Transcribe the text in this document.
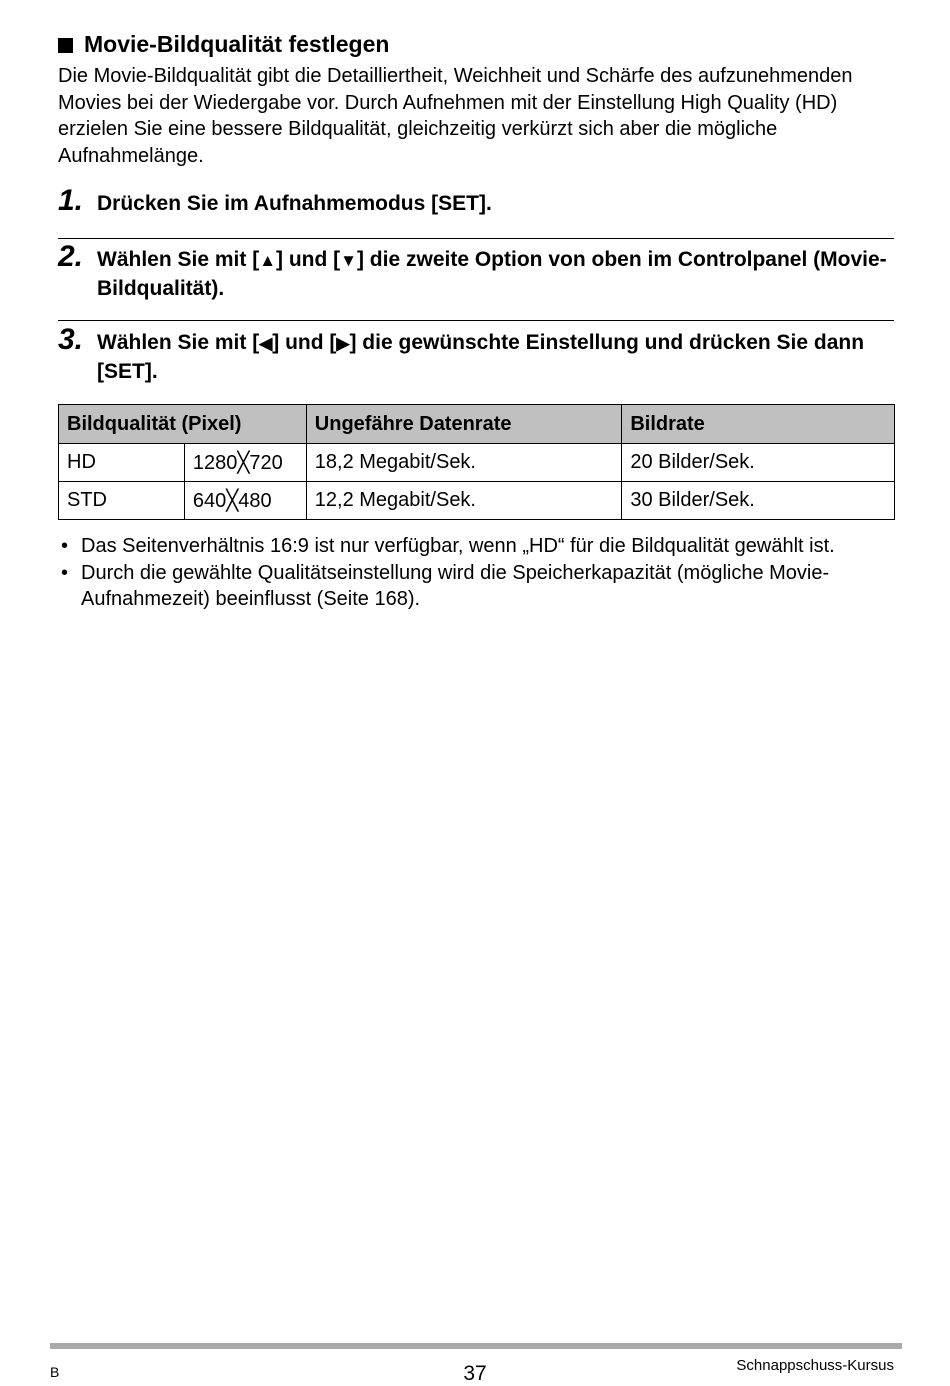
Movie-Bildqualität festlegen
Die Movie-Bildqualität gibt die Detailliertheit, Weichheit und Schärfe des aufzunehmenden Movies bei der Wiedergabe vor. Durch Aufnehmen mit der Einstellung High Quality (HD) erzielen Sie eine bessere Bildqualität, gleichzeitig verkürzt sich aber die mögliche Aufnahmelänge.
1. Drücken Sie im Aufnahmemodus [SET].
2. Wählen Sie mit [▲] und [▼] die zweite Option von oben im Controlpanel (Movie-Bildqualität).
3. Wählen Sie mit [◀] und [▶] die gewünschte Einstellung und drücken Sie dann [SET].
Bildqualität (Pixel)		Ungefähre Datenrate	Bildrate
HD	1280╳720	18,2 Megabit/Sek.	20 Bilder/Sek.
STD	640╳480	12,2 Megabit/Sek.	30 Bilder/Sek.
• Das Seitenverhältnis 16:9 ist nur verfügbar, wenn „HD“ für die Bildqualität gewählt ist.
• Durch die gewählte Qualitätseinstellung wird die Speicherkapazität (mögliche Movie-Aufnahmezeit) beeinflusst (Seite 168).
B	37	Schnappschuss-Kursus
